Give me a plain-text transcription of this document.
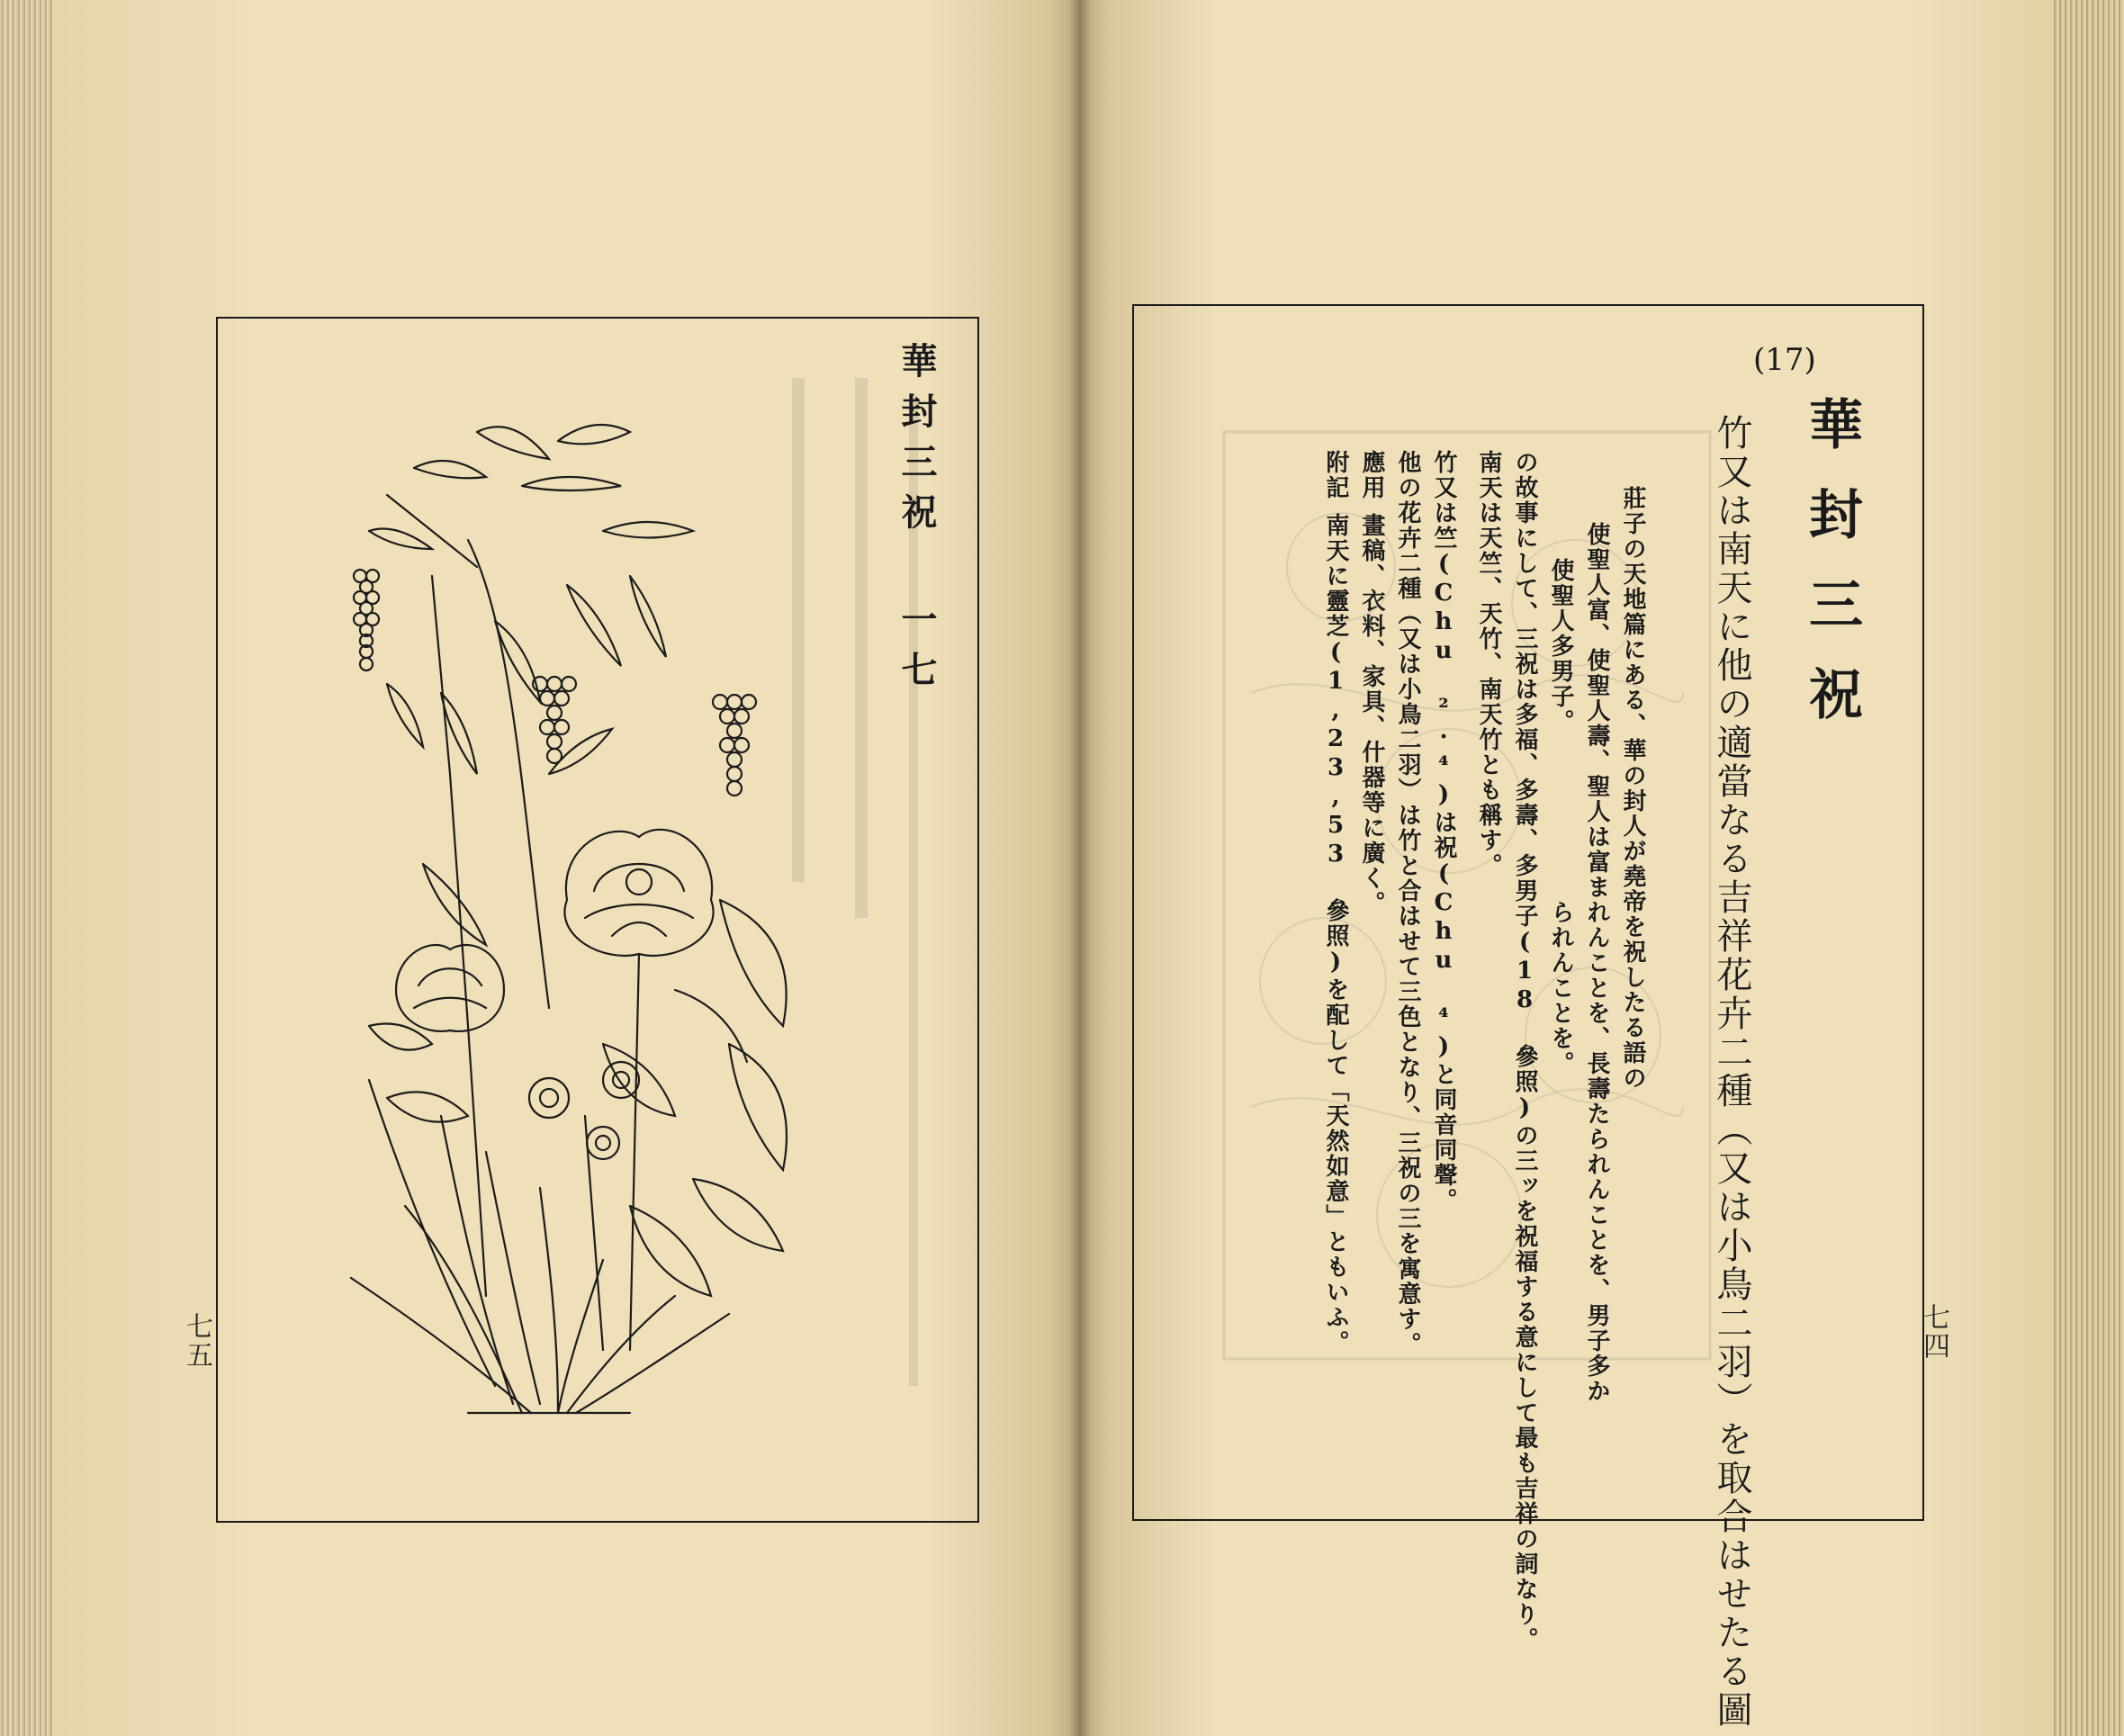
華封三祝 一七
七五
(17)
華封三祝
竹又は南天に他の適當なる吉祥花卉二種（又は小鳥二羽）を取合はせたる圖
莊子の天地篇にある、華の封人が堯帝を祝したる語の
使聖人富、使聖人壽、
聖人は富まれんことを、長壽たられんことを、男子多か
使聖人多男子。
られんことを。
の故事にして、三祝は多福、多壽、多男子(18 參照)の三ッを祝福する意にして最も吉祥の詞なり。
南天は天竺、天竹、南天竹とも稱す。
竹又は竺(Chu ²·⁴)は祝(Chu ⁴)と同音同聲。
他の花卉二種（又は小鳥二羽）は竹と合はせて三色となり、三祝の三を寓意す。
應用畫稿、衣料、家具、什器等に廣く。
附記南天に靈芝(1,23,53 參照)を配して「天然如意」ともいふ。	七四
